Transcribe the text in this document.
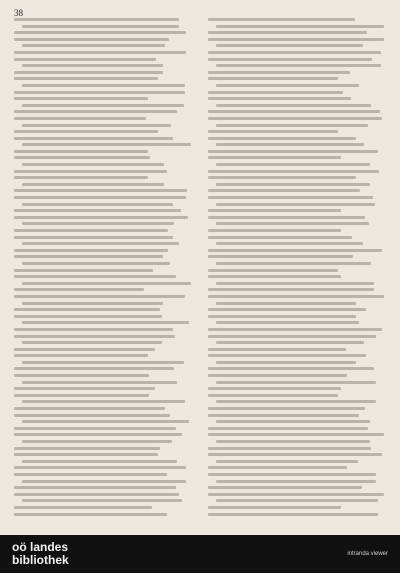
38
oö landes
bibliothek	intranda viewer
